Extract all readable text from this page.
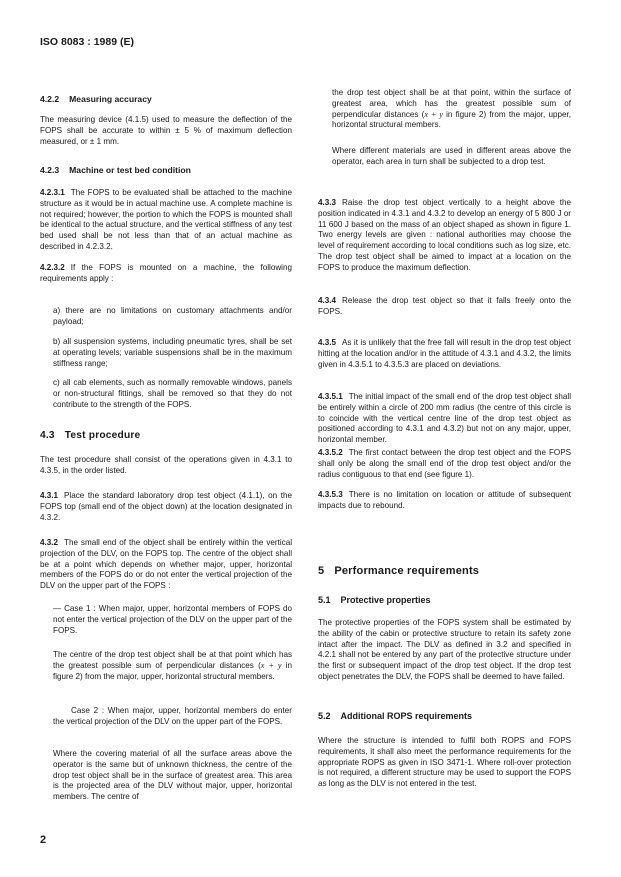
ISO 8083 : 1989 (E)
4.2.2 Measuring accuracy
The measuring device (4.1.5) used to measure the deflection of the FOPS shall be accurate to within ± 5 % of maximum deflection measured, or ± 1 mm.
4.2.3 Machine or test bed condition
4.2.3.1 The FOPS to be evaluated shall be attached to the machine structure as it would be in actual machine use. A complete machine is not required; however, the portion to which the FOPS is mounted shall be identical to the actual structure, and the vertical stiffness of any test bed used shall be not less than that of an actual machine as described in 4.2.3.2.
4.2.3.2 If the FOPS is mounted on a machine, the following requirements apply :
a) there are no limitations on customary attachments and/or payload;
b) all suspension systems, including pneumatic tyres, shall be set at operating levels; variable suspensions shall be in the maximum stiffness range;
c) all cab elements, such as normally removable windows, panels or non-structural fittings, shall be removed so that they do not contribute to the strength of the FOPS.
4.3 Test procedure
The test procedure shall consist of the operations given in 4.3.1 to 4.3.5, in the order listed.
4.3.1 Place the standard laboratory drop test object (4.1.1), on the FOPS top (small end of the object down) at the location designated in 4.3.2.
4.3.2 The small end of the object shall be entirely within the vertical projection of the DLV, on the FOPS top. The centre of the object shall be at a point which depends on whether major, upper, horizontal members of the FOPS do or do not enter the vertical projection of the DLV on the upper part of the FOPS :
— Case 1 : When major, upper, horizontal members of FOPS do not enter the vertical projection of the DLV on the upper part of the FOPS.
The centre of the drop test object shall be at that point which has the greatest possible sum of perpendicular distances (x + y in figure 2) from the major, upper, horizontal structural members.
Case 2 : When major, upper, horizontal members do enter the vertical projection of the DLV on the upper part of the FOPS.
Where the covering material of all the surface areas above the operator is the same but of unknown thickness, the centre of the drop test object shall be in the surface of greatest area. This area is the projected area of the DLV without major, upper, horizontal members. The centre of
2
the drop test object shall be at that point, within the surface of greatest area, which has the greatest possible sum of perpendicular distances (x + y in figure 2) from the major, upper, horizontal structural members.
Where different materials are used in different areas above the operator, each area in turn shall be subjected to a drop test.
4.3.3 Raise the drop test object vertically to a height above the position indicated in 4.3.1 and 4.3.2 to develop an energy of 5 800 J or 11 600 J based on the mass of an object shaped as shown in figure 1. Two energy levels are given : national authorities may choose the level of requirement according to local conditions such as log size, etc. The drop test object shall be aimed to impact at a location on the FOPS to produce the maximum deflection.
4.3.4 Release the drop test object so that it falls freely onto the FOPS.
4.3.5 As it is unlikely that the free fall will result in the drop test object hitting at the location and/or in the attitude of 4.3.1 and 4.3.2, the limits given in 4.3.5.1 to 4.3.5.3 are placed on deviations.
4.3.5.1 The initial impact of the small end of the drop test object shall be entirely within a circle of 200 mm radius (the centre of this circle is to coincide with the vertical centre line of the drop test object as positioned according to 4.3.1 and 4.3.2) but not on any major, upper, horizontal member.
4.3.5.2 The first contact between the drop test object and the FOPS shall only be along the small end of the drop test object and/or the radius contiguous to that end (see figure 1).
4.3.5.3 There is no limitation on location or attitude of subsequent impacts due to rebound.
5 Performance requirements
5.1 Protective properties
The protective properties of the FOPS system shall be estimated by the ability of the cabin or protective structure to retain its safety zone intact after the impact. The DLV as defined in 3.2 and specified in 4.2.1 shall not be entered by any part of the protective structure under the first or subsequent impact of the drop test object. If the drop test object penetrates the DLV, the FOPS shall be deemed to have failed.
5.2 Additional ROPS requirements
Where the structure is intended to fulfil both ROPS and FOPS requirements, it shall also meet the performance requirements for the appropriate ROPS as given in ISO 3471-1. Where roll-over protection is not required, a different structure may be used to support the FOPS as long as the DLV is not entered in the test.
